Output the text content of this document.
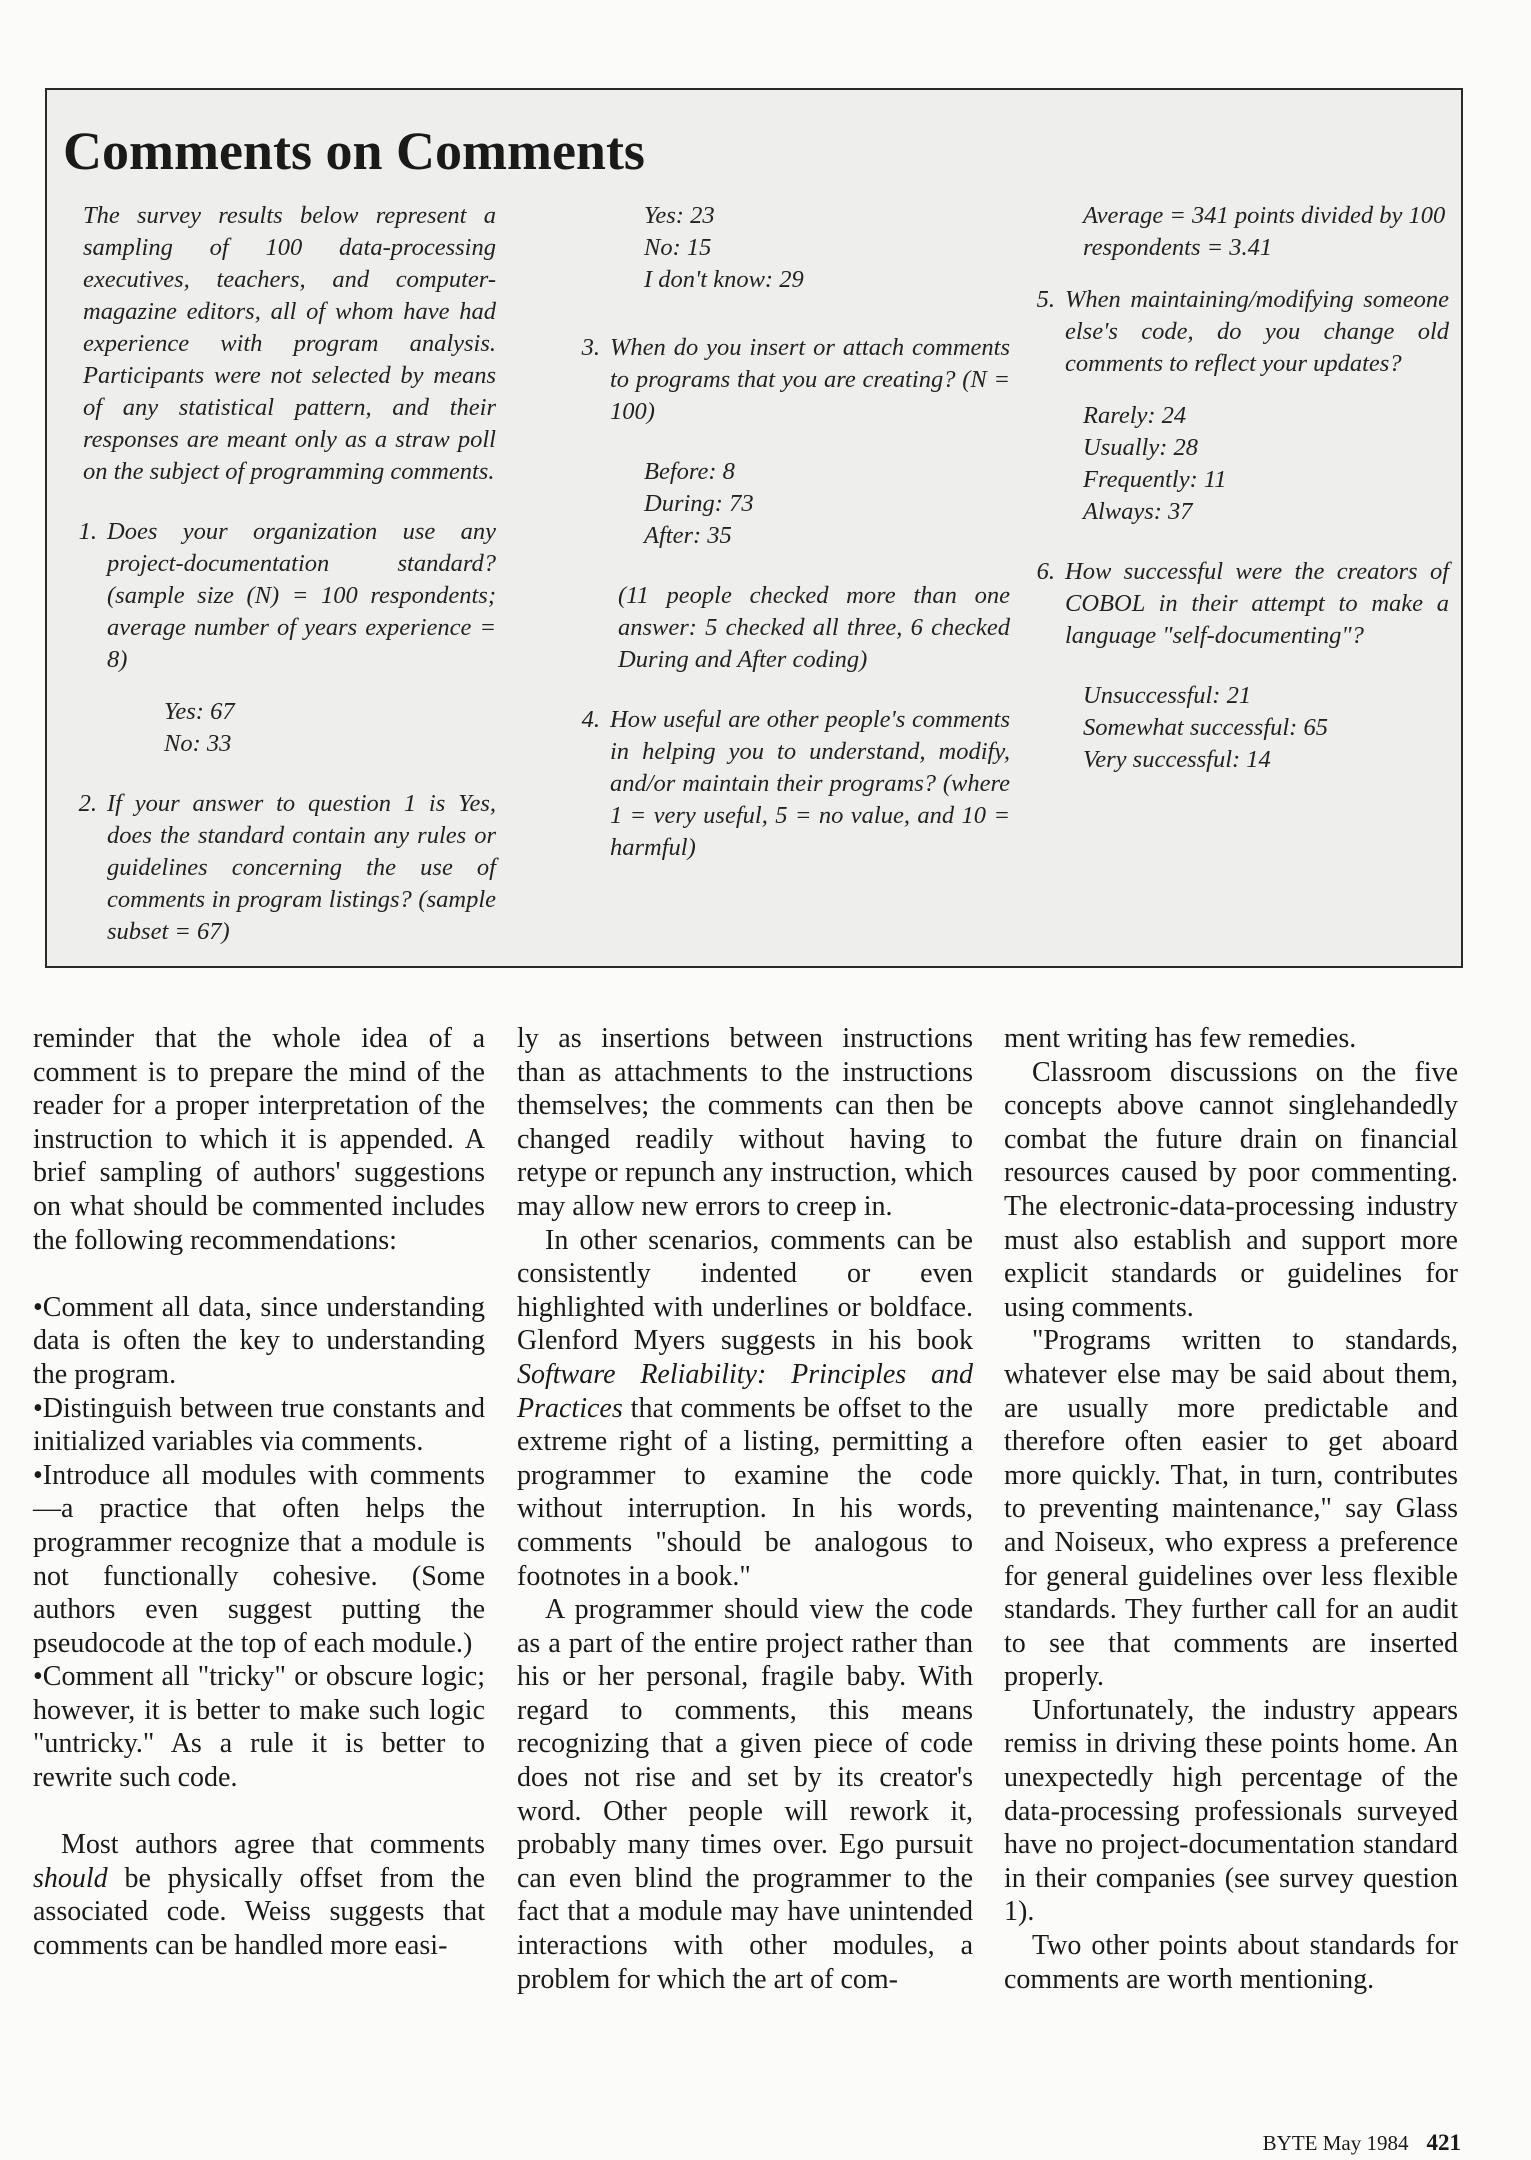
Comments on Comments

The survey results below represent a sampling of 100 data-processing executives, teachers, and computer-magazine editors, all of whom have had experience with program analysis. Participants were not selected by means of any statistical pattern, and their responses are meant only as a straw poll on the subject of programming comments.

1. Does your organization use any project-documentation standard? (sample size (N) = 100 respondents; average number of years experience = 8)
Yes: 67
No: 33
2. If your answer to question 1 is Yes, does the standard contain any rules or guidelines concerning the use of comments in program listings? (sample subset = 67)
Yes: 23
No: 15
I don't know: 29
3. When do you insert or attach comments to programs that you are creating? (N = 100)
Before: 8
During: 73
After: 35

(11 people checked more than one answer: 5 checked all three, 6 checked During and After coding)

4. How useful are other people's comments in helping you to understand, modify, and/or maintain their programs? (where 1 = very useful, 5 = no value, and 10 = harmful)

Average = 341 points divided by 100 respondents = 3.41

5. When maintaining/modifying someone else's code, do you change old comments to reflect your updates?
Rarely: 24
Usually: 28
Frequently: 11
Always: 37
6. How successful were the creators of COBOL in their attempt to make a language "self-documenting"?
Unsuccessful: 21
Somewhat successful: 65
Very successful: 14

reminder that the whole idea of a comment is to prepare the mind of the reader for a proper interpretation of the instruction to which it is appended. A brief sampling of authors' suggestions on what should be commented includes the following recommendations:

•Comment all data, since understanding data is often the key to understanding the program.

•Distinguish between true constants and initialized variables via comments.

•Introduce all modules with comments—a practice that often helps the programmer recognize that a module is not functionally cohesive. (Some authors even suggest putting the pseudocode at the top of each module.)

•Comment all "tricky" or obscure logic; however, it is better to make such logic "untricky." As a rule it is better to rewrite such code.

Most authors agree that comments should be physically offset from the associated code. Weiss suggests that comments can be handled more easi-

ly as insertions between instructions than as attachments to the instructions themselves; the comments can then be changed readily without having to retype or repunch any instruction, which may allow new errors to creep in.

In other scenarios, comments can be consistently indented or even highlighted with underlines or boldface. Glenford Myers suggests in his book Software Reliability: Principles and Practices that comments be offset to the extreme right of a listing, permitting a programmer to examine the code without interruption. In his words, comments "should be analogous to footnotes in a book."

A programmer should view the code as a part of the entire project rather than his or her personal, fragile baby. With regard to comments, this means recognizing that a given piece of code does not rise and set by its creator's word. Other people will rework it, probably many times over. Ego pursuit can even blind the programmer to the fact that a module may have unintended interactions with other modules, a problem for which the art of com-

ment writing has few remedies.

Classroom discussions on the five concepts above cannot singlehandedly combat the future drain on financial resources caused by poor commenting. The electronic-data-processing industry must also establish and support more explicit standards or guidelines for using comments.

"Programs written to standards, whatever else may be said about them, are usually more predictable and therefore often easier to get aboard more quickly. That, in turn, contributes to preventing maintenance," say Glass and Noiseux, who express a preference for general guidelines over less flexible standards. They further call for an audit to see that comments are inserted properly.

Unfortunately, the industry appears remiss in driving these points home. An unexpectedly high percentage of the data-processing professionals surveyed have no project-documentation standard in their companies (see survey question 1).

Two other points about standards for comments are worth mentioning.

BYTE May 1984 421
